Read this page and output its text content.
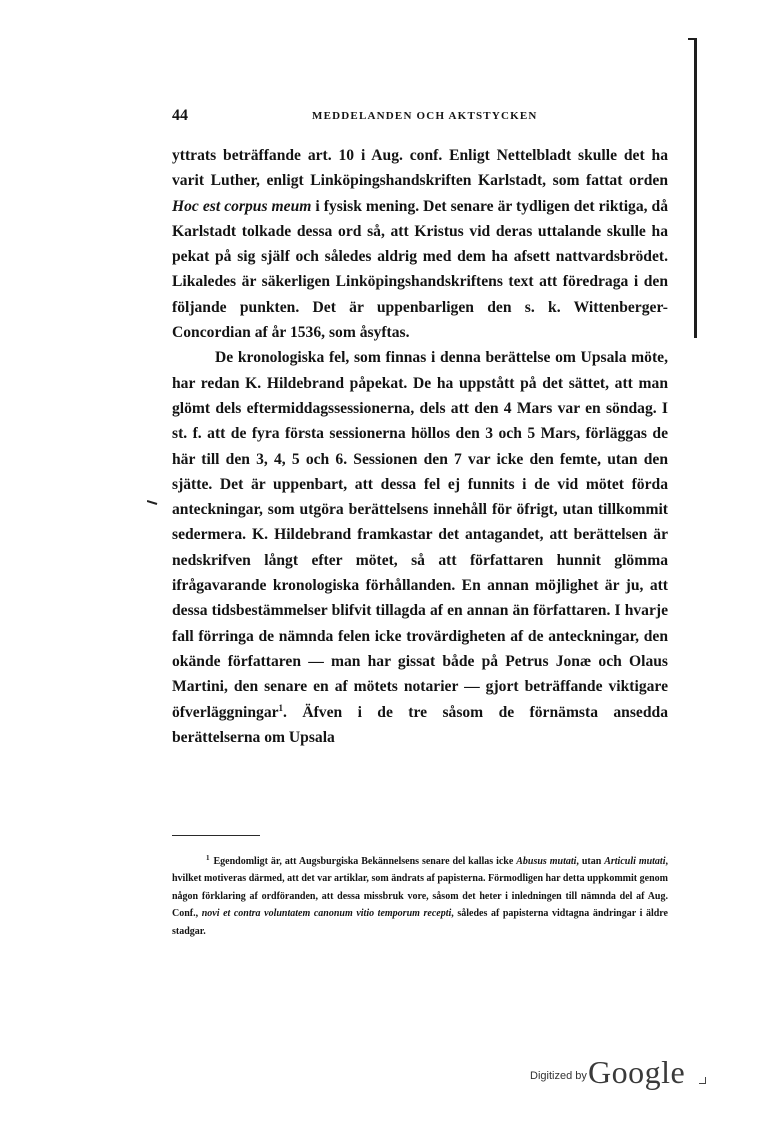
44	MEDDELANDEN OCH AKTSTYCKEN

yttrats beträffande art. 10 i Aug. conf. Enligt Nettelbladt skulle det ha varit Luther, enligt Linköpingshandskriften Karlstadt, som fattat orden Hoc est corpus meum i fysisk mening. Det senare är tydligen det riktiga, då Karlstadt tolkade dessa ord så, att Kristus vid deras uttalande skulle ha pekat på sig själf och således aldrig med dem ha afsett nattvardsbrödet. Likaledes är säkerligen Linköpingshandskriftens text att föredraga i den följande punkten. Det är uppenbarligen den s. k. Wittenberger-Concordian af år 1536, som åsyftas.

De kronologiska fel, som finnas i denna berättelse om Upsala möte, har redan K. Hildebrand påpekat. De ha uppstått på det sättet, att man glömt dels eftermiddagssessionerna, dels att den 4 Mars var en söndag. I st. f. att de fyra första sessionerna höllos den 3 och 5 Mars, förläggas de här till den 3, 4, 5 och 6. Sessionen den 7 var icke den femte, utan den sjätte. Det är uppenbart, att dessa fel ej funnits i de vid mötet förda anteckningar, som utgöra berättelsens innehåll för öfrigt, utan tillkommit sedermera. K. Hildebrand framkastar det antagandet, att berättelsen är nedskrifven långt efter mötet, så att författaren hunnit glömma ifrågavarande kronologiska förhållanden. En annan möjlighet är ju, att dessa tidsbestämmelser blifvit tillagda af en annan än författaren. I hvarje fall förringa de nämnda felen icke trovärdigheten af de anteckningar, den okände författaren — man har gissat både på Petrus Jonæ och Olaus Martini, den senare en af mötets notarier — gjort beträffande viktigare öfverläggningar$^1$. Äfven i de tre såsom de förnämsta ansedda berättelserna om Upsala

$^1$ Egendomligt är, att Augsburgiska Bekännelsens senare del kallas icke Abusus mutati, utan Articuli mutati, hvilket motiveras därmed, att det var artiklar, som ändrats af papisterna. Förmodligen har detta uppkommit genom någon förklaring af ordföranden, att dessa missbruk vore, såsom det heter i inledningen till nämnda del af Aug. Conf., novi et contra voluntatem canonum vitio temporum recepti, således af papisterna vidtagna ändringar i äldre stadgar.
Digitized by Google
